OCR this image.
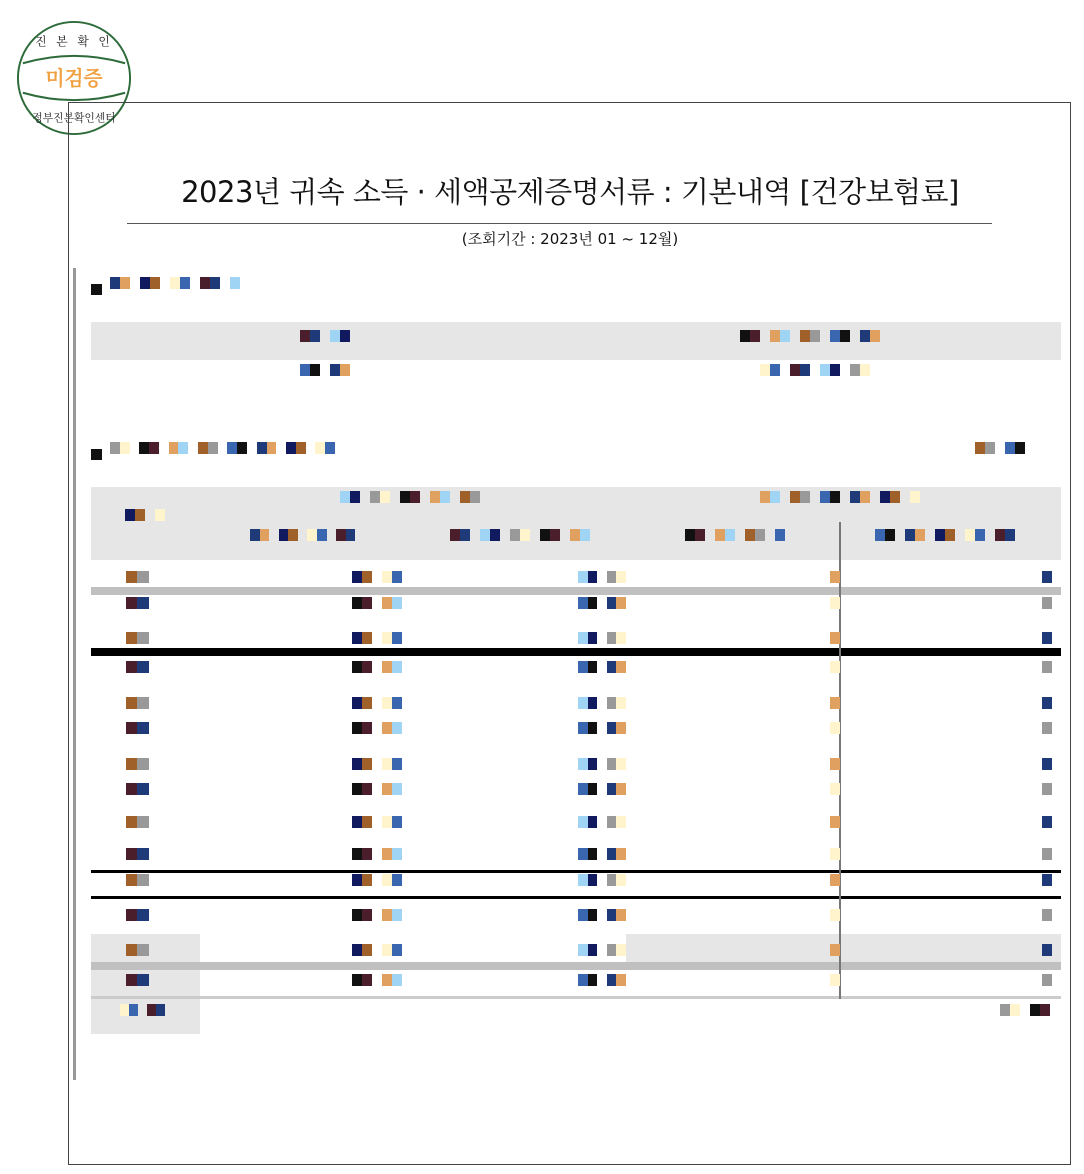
미검증
진 본 확 인
정부진본확인센터
2023년 귀속 소득 · 세액공제증명서류 : 기본내역 [건강보험료]
(조회기간 : 2023년 01 ~ 12월)
